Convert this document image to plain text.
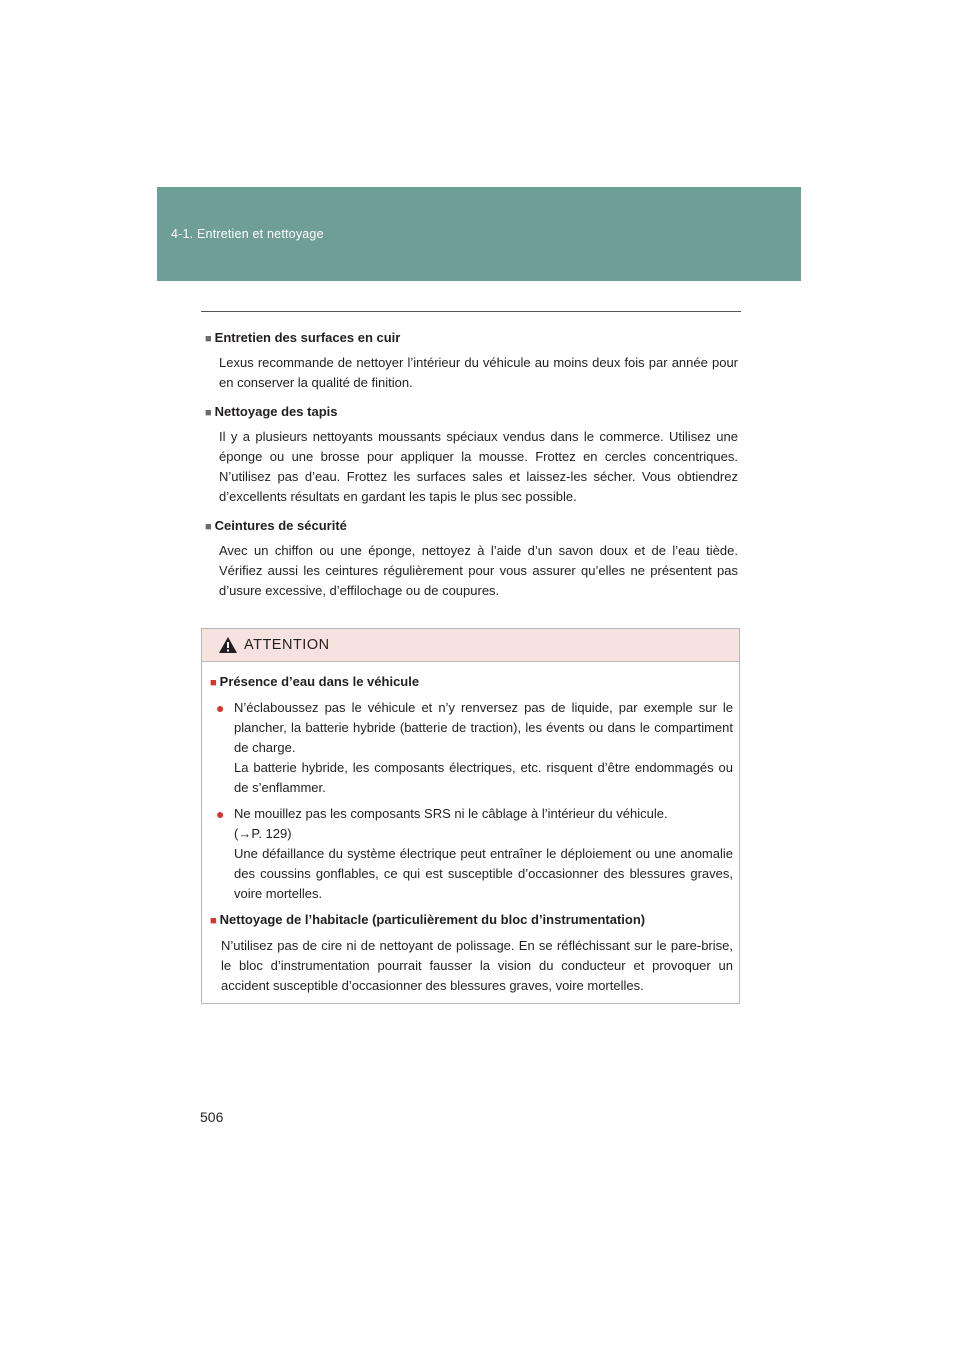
4-1. Entretien et nettoyage
■ Entretien des surfaces en cuir

Lexus recommande de nettoyer l’intérieur du véhicule au moins deux fois par année pour en conserver la qualité de finition.

■ Nettoyage des tapis

Il y a plusieurs nettoyants moussants spéciaux vendus dans le commerce. Utilisez une éponge ou une brosse pour appliquer la mousse. Frottez en cercles concentriques. N’utilisez pas d’eau. Frottez les surfaces sales et laissez-les sécher. Vous obtiendrez d’excellents résultats en gardant les tapis le plus sec possible.

■ Ceintures de sécurité

Avec un chiffon ou une éponge, nettoyez à l’aide d’un savon doux et de l’eau tiède. Vérifiez aussi les ceintures régulièrement pour vous assurer qu’elles ne présentent pas d’usure excessive, d’effilochage ou de coupures.

ATTENTION
■ Présence d’eau dans le véhicule
● N’éclaboussez pas le véhicule et n’y renversez pas de liquide, par exemple sur le plancher, la batterie hybride (batterie de traction), les évents ou dans le compartiment de charge.

La batterie hybride, les composants électriques, etc. risquent d’être endommagés ou de s’enflammer.

● Ne mouillez pas les composants SRS ni le câblage à l’intérieur du véhicule.

(→P. 129)

Une défaillance du système électrique peut entraîner le déploiement ou une anomalie des coussins gonflables, ce qui est susceptible d’occasionner des blessures graves, voire mortelles.

■ Nettoyage de l’habitacle (particulièrement du bloc d’instrumentation)

N’utilisez pas de cire ni de nettoyant de polissage. En se réfléchissant sur le pare-brise, le bloc d’instrumentation pourrait fausser la vision du conducteur et provoquer un accident susceptible d’occasionner des blessures graves, voire mortelles.

506
